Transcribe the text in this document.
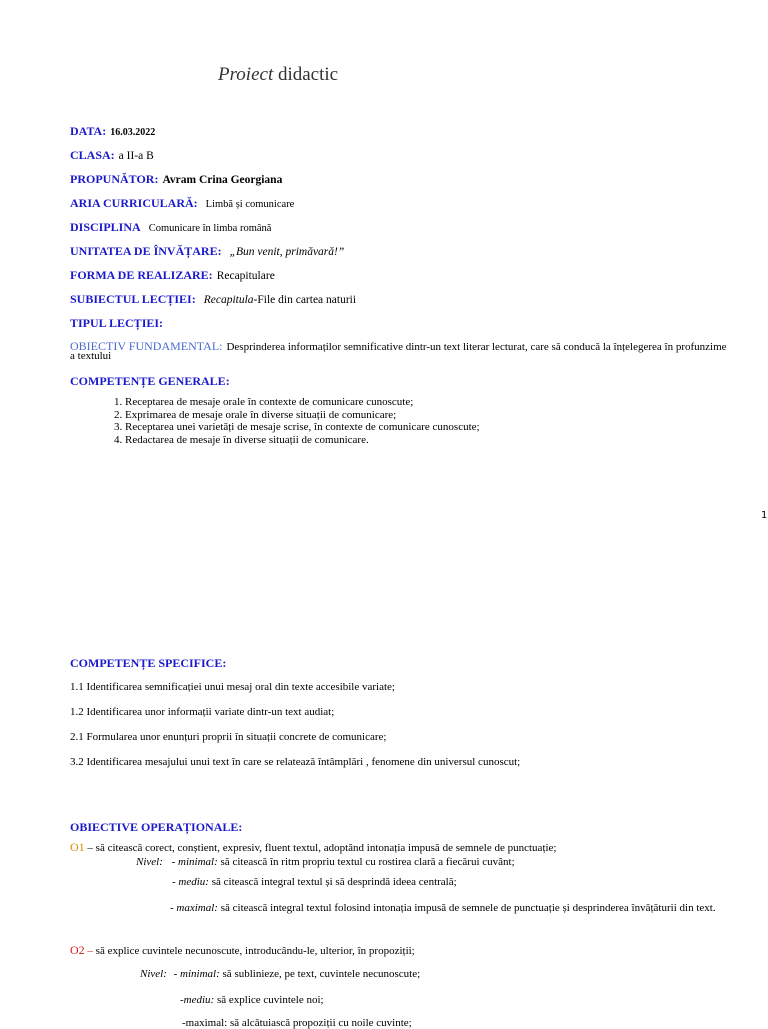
Proiect didactic
DATA: 16.03.2022
CLASA: a II-a B
PROPUNĂTOR: Avram Crina Georgiana
ARIA CURRICULARĂ: Limbă și comunicare
DISCIPLINA Comunicare în limba română
UNITATEA DE ÎNVĂȚARE: „Bun venit, primăvară!”
FORMA DE REALIZARE: Recapitulare
SUBIECTUL LECȚIEI: Recapitula-File din cartea naturii
TIPUL LECȚIEI:
OBIECTIV FUNDAMENTAL: Desprinderea informaților semnificative dintr-un text literar lecturat, care să conducă la înțelegerea în profunzime
a textului
COMPETENȚE GENERALE:
1. Receptarea de mesaje orale în contexte de comunicare cunoscute;
2. Exprimarea de mesaje orale în diverse situații de comunicare;
3. Receptarea unei varietăți de mesaje scrise, în contexte de comunicare cunoscute;
4. Redactarea de mesaje în diverse situații de comunicare.
1
COMPETENȚE SPECIFICE:
1.1 Identificarea semnificației unui mesaj oral din texte accesibile variate;
1.2 Identificarea unor informații variate dintr-un text audiat;
2.1 Formularea unor enunțuri proprii în situații concrete de comunicare;
3.2 Identificarea mesajului unui text în care se relatează întâmplări , fenomene din universul cunoscut;
OBIECTIVE OPERAȚIONALE:
O1 – să citească corect, conștient, expresiv, fluent textul, adoptând intonația impusă de semnele de punctuație;
Nivel: - minimal: să citească în ritm propriu textul cu rostirea clară a fiecărui cuvânt;
- mediu: să citească integral textul și să desprindă ideea centrală;
- maximal: să citească integral textul folosind intonația impusă de semnele de punctuație și desprinderea învățăturii din text.
O2 – să explice cuvintele necunoscute, introducându-le, ulterior, în propoziții;
Nivel: - minimal: să sublinieze, pe text, cuvintele necunoscute;
-mediu: să explice cuvintele noi;
-maximal: să alcătuiască propoziții cu noile cuvinte;
